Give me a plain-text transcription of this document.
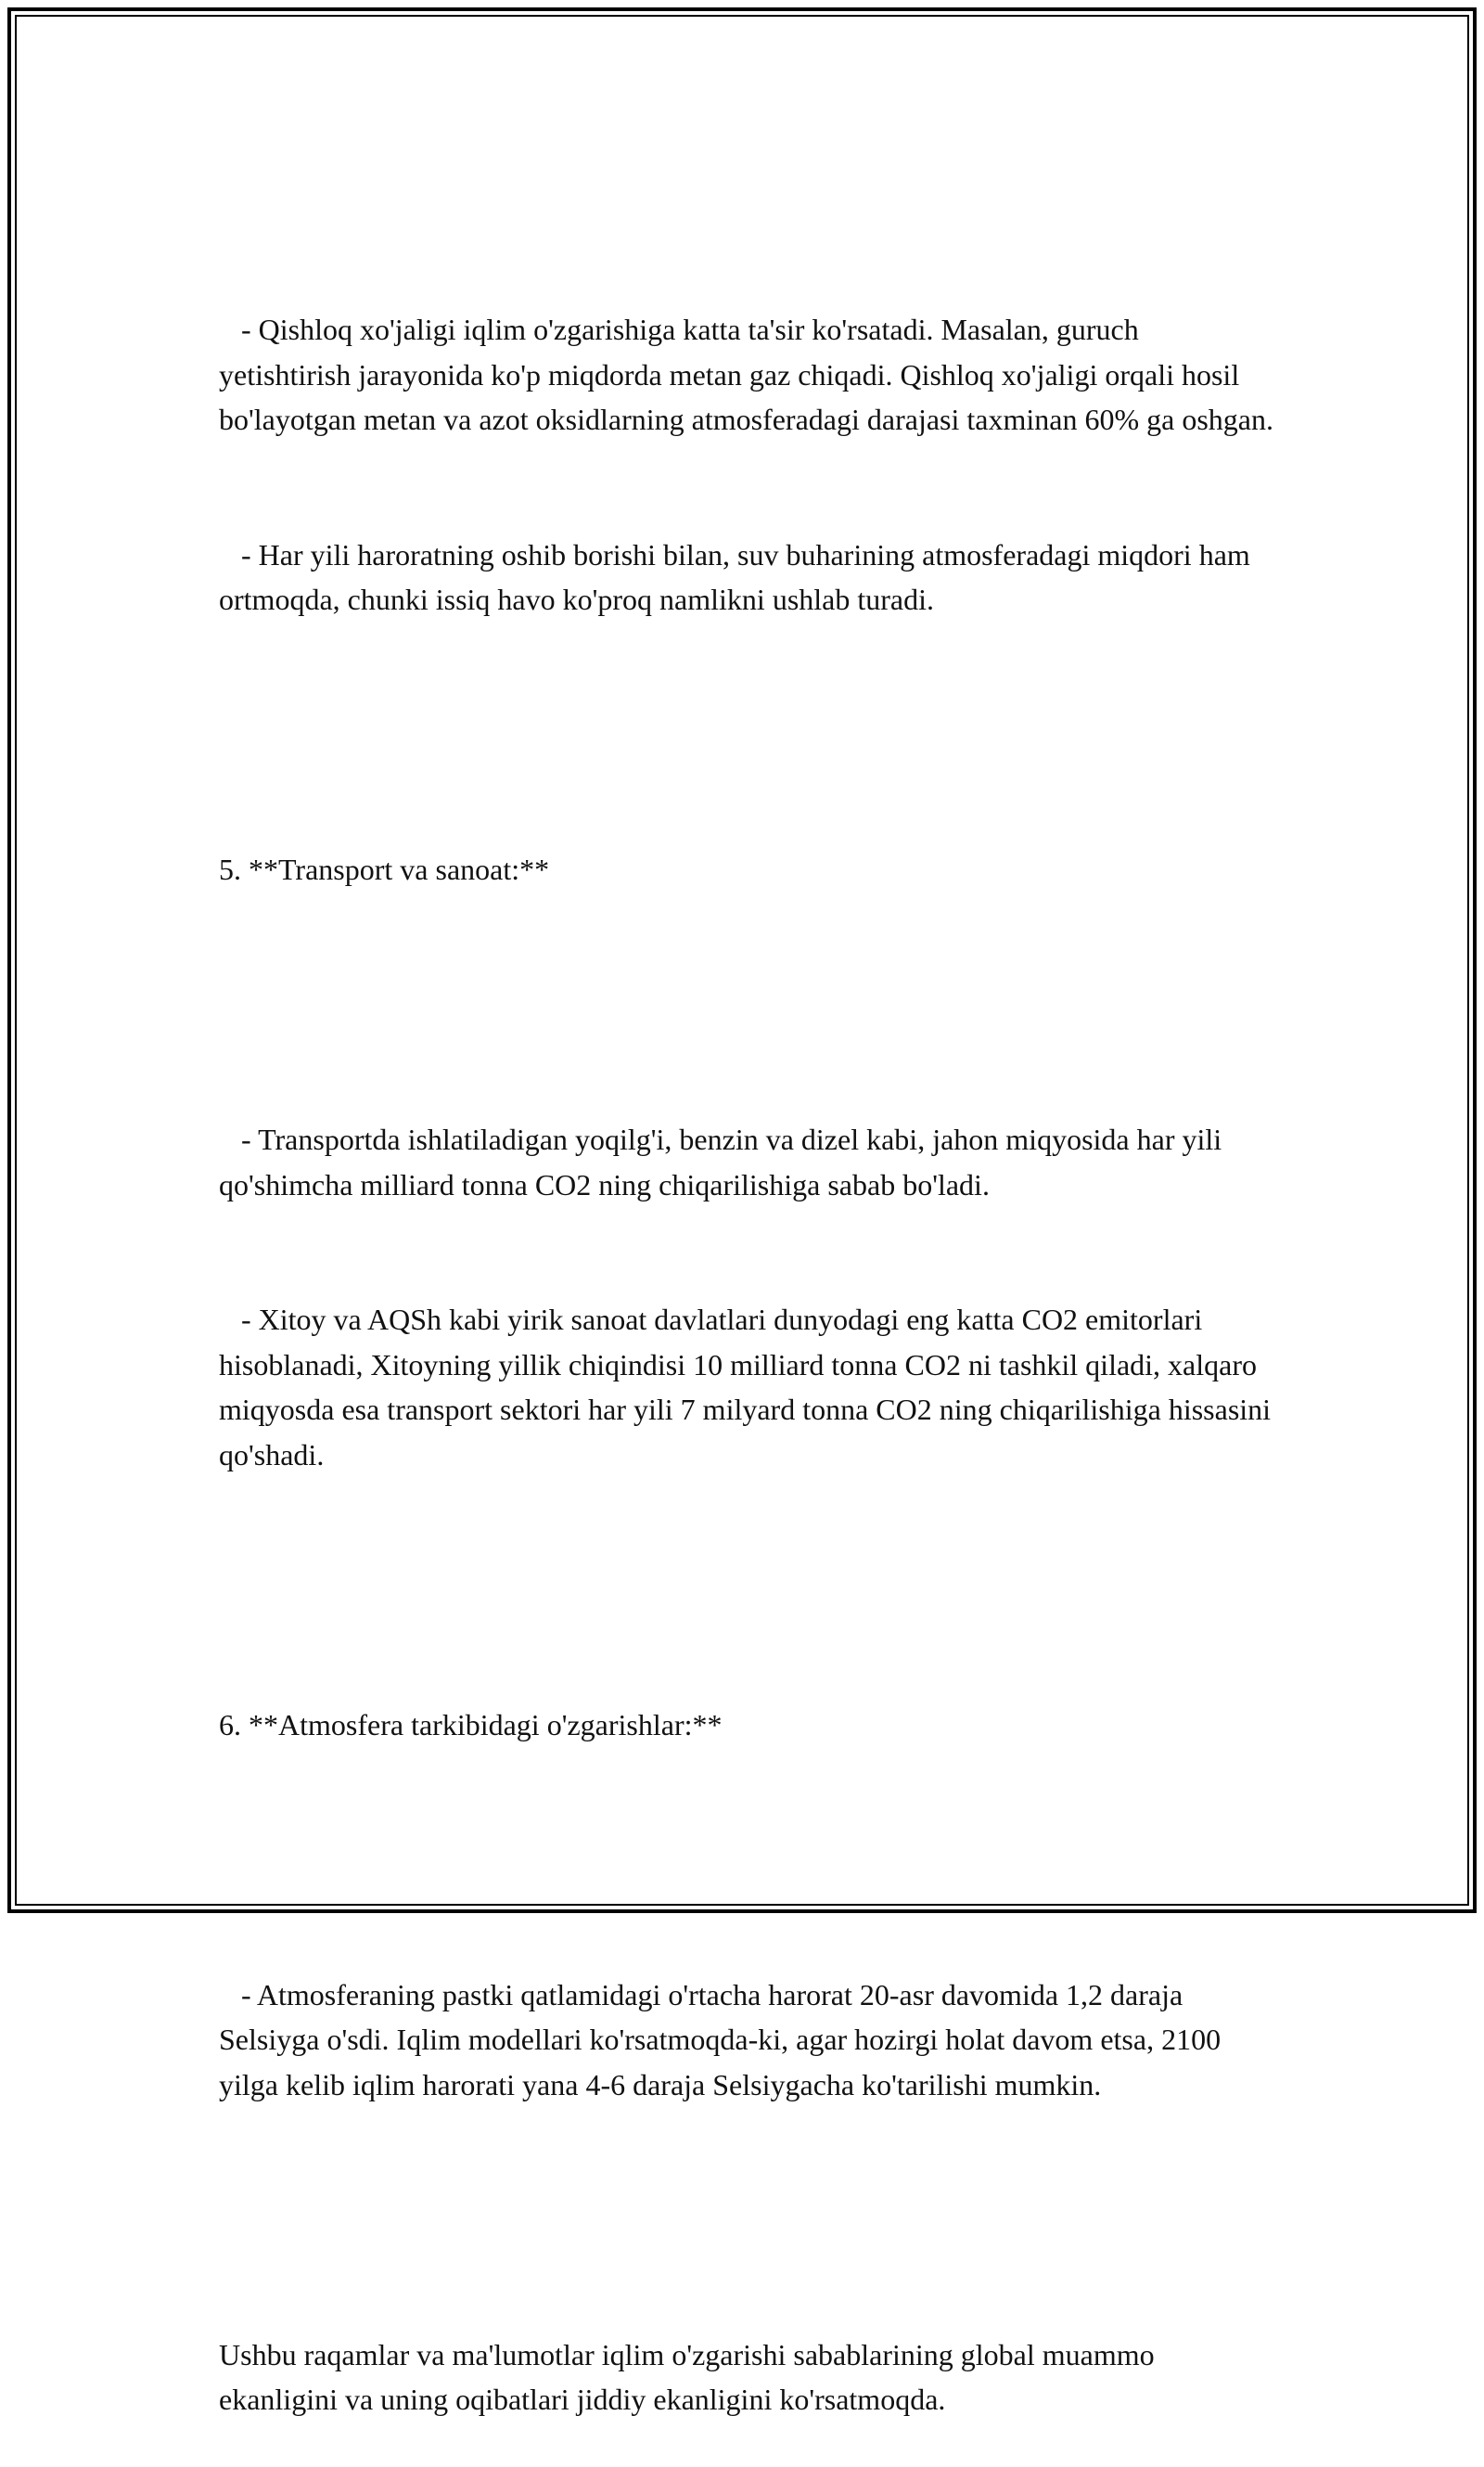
- Qishloq xo'jaligi iqlim o'zgarishiga katta ta'sir ko'rsatadi. Masalan, guruch yetishtirish jarayonida ko'p miqdorda metan gaz chiqadi. Qishloq xo'jaligi orqali hosil bo'layotgan metan va azot oksidlarning atmosferadagi darajasi taxminan 60% ga oshgan.

- Har yili haroratning oshib borishi bilan, suv buharining atmosferadagi miqdori ham ortmoqda, chunki issiq havo ko'proq namlikni ushlab turadi.

5. **Transport va sanoat:**

- Transportda ishlatiladigan yoqilg'i, benzin va dizel kabi, jahon miqyosida har yili qo'shimcha milliard tonna CO2 ning chiqarilishiga sabab bo'ladi.

- Xitoy va AQSh kabi yirik sanoat davlatlari dunyodagi eng katta CO2 emitorlari hisoblanadi, Xitoyning yillik chiqindisi 10 milliard tonna CO2 ni tashkil qiladi, xalqaro miqyosda esa transport sektori har yili 7 milyard tonna CO2 ning chiqarilishiga hissasini qo'shadi.

6. **Atmosfera tarkibidagi o'zgarishlar:**

- Atmosferaning pastki qatlamidagi o'rtacha harorat 20-asr davomida 1,2 daraja Selsiyga o'sdi. Iqlim modellari ko'rsatmoqda-ki, agar hozirgi holat davom etsa, 2100 yilga kelib iqlim harorati yana 4-6 daraja Selsiygacha ko'tarilishi mumkin.

Ushbu raqamlar va ma'lumotlar iqlim o'zgarishi sabablarining global muammo ekanligini va uning oqibatlari jiddiy ekanligini ko'rsatmoqda.
